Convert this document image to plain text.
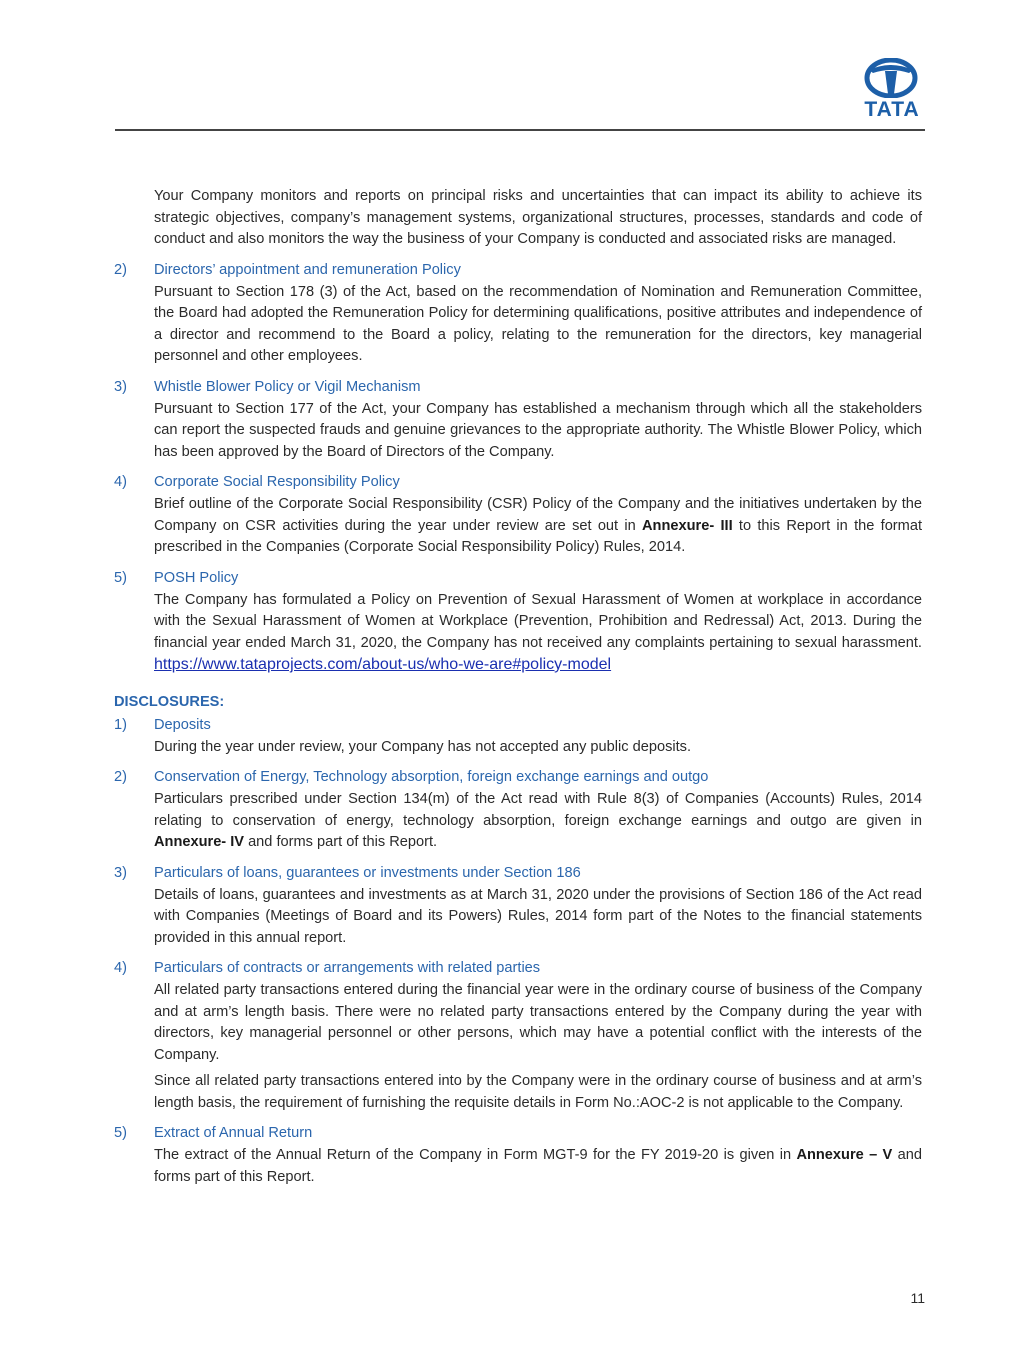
TATA

Your Company monitors and reports on principal risks and uncertainties that can impact its ability to achieve its strategic objectives, company’s management systems, organizational structures, processes, standards and code of conduct and also monitors the way the business of your Company is conducted and associated risks are managed.

2)	Directors’ appointment and remuneration Policy

Pursuant to Section 178 (3) of the Act, based on the recommendation of Nomination and Remuneration Committee, the Board had adopted the Remuneration Policy for determining qualifications, positive attributes and independence of a director and recommend to the Board a policy, relating to the remuneration for the directors, key managerial personnel and other employees.

3)	Whistle Blower Policy or Vigil Mechanism

Pursuant to Section 177 of the Act, your Company has established a mechanism through which all the stakeholders can report the suspected frauds and genuine grievances to the appropriate authority. The Whistle Blower Policy, which has been approved by the Board of Directors of the Company.

4)	Corporate Social Responsibility Policy

Brief outline of the Corporate Social Responsibility (CSR) Policy of the Company and the initiatives undertaken by the Company on CSR activities during the year under review are set out in Annexure- III to this Report in the format prescribed in the Companies (Corporate Social Responsibility Policy) Rules, 2014.

5)	POSH Policy

The Company has formulated a Policy on Prevention of Sexual Harassment of Women at workplace in accordance with the Sexual Harassment of Women at Workplace (Prevention, Prohibition and Redressal) Act, 2013. During the financial year ended March 31, 2020, the Company has not received any complaints pertaining to sexual harassment. https://www.tataprojects.com/about-us/who-we-are#policy-model

DISCLOSURES:
1)	Deposits

During the year under review, your Company has not accepted any public deposits.

2)	Conservation of Energy, Technology absorption, foreign exchange earnings and outgo

Particulars prescribed under Section 134(m) of the Act read with Rule 8(3) of Companies (Accounts) Rules, 2014 relating to conservation of energy, technology absorption, foreign exchange earnings and outgo are given in Annexure- IV and forms part of this Report.

3)	Particulars of loans, guarantees or investments under Section 186

Details of loans, guarantees and investments as at March 31, 2020 under the provisions of Section 186 of the Act read with Companies (Meetings of Board and its Powers) Rules, 2014 form part of the Notes to the financial statements provided in this annual report.

4)	Particulars of contracts or arrangements with related parties

All related party transactions entered during the financial year were in the ordinary course of business of the Company and at arm’s length basis. There were no related party transactions entered by the Company during the year with directors, key managerial personnel or other persons, which may have a potential conflict with the interests of the Company.

Since all related party transactions entered into by the Company were in the ordinary course of business and at arm’s length basis, the requirement of furnishing the requisite details in Form No.:AOC-2 is not applicable to the Company.

5)	Extract of Annual Return

The extract of the Annual Return of the Company in Form MGT-9 for the FY 2019-20 is given in Annexure – V and forms part of this Report.

11
